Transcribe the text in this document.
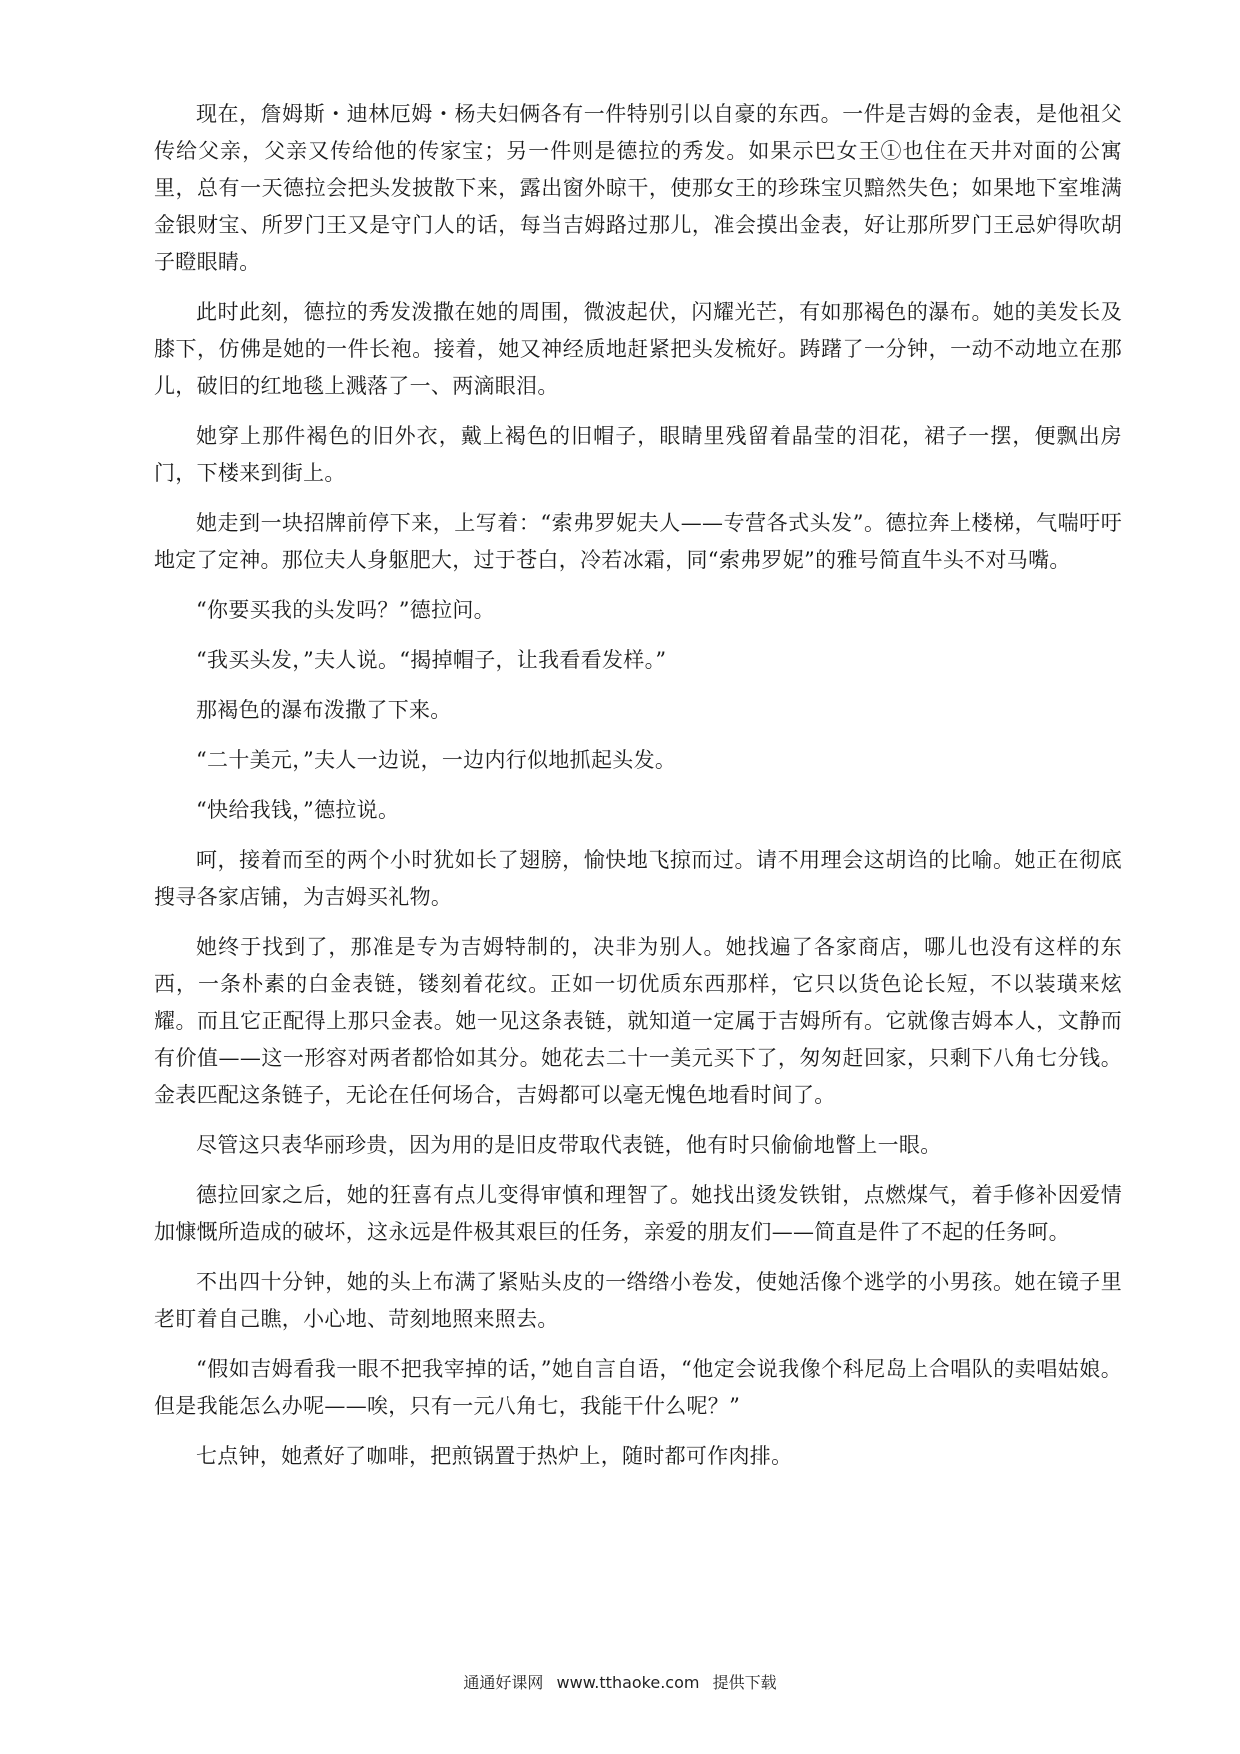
现在，詹姆斯・迪林厄姆・杨夫妇俩各有一件特别引以自豪的东西。一件是吉姆的金表，是他祖父传给父亲，父亲又传给他的传家宝；另一件则是德拉的秀发。如果示巴女王①也住在天井对面的公寓里，总有一天德拉会把头发披散下来，露出窗外晾干，使那女王的珍珠宝贝黯然失色；如果地下室堆满金银财宝、所罗门王又是守门人的话，每当吉姆路过那儿，准会摸出金表，好让那所罗门王忌妒得吹胡子瞪眼睛。

此时此刻，德拉的秀发泼撒在她的周围，微波起伏，闪耀光芒，有如那褐色的瀑布。她的美发长及膝下，仿佛是她的一件长袍。接着，她又神经质地赶紧把头发梳好。踌躇了一分钟，一动不动地立在那儿，破旧的红地毯上溅落了一、两滴眼泪。

她穿上那件褐色的旧外衣，戴上褐色的旧帽子，眼睛里残留着晶莹的泪花，裙子一摆，便飘出房门，下楼来到街上。

她走到一块招牌前停下来，上写着：“索弗罗妮夫人——专营各式头发”。德拉奔上楼梯，气喘吁吁地定了定神。那位夫人身躯肥大，过于苍白，冷若冰霜，同“索弗罗妮”的雅号简直牛头不对马嘴。

“你要买我的头发吗？”德拉问。

“我买头发，”夫人说。“揭掉帽子，让我看看发样。”

那褐色的瀑布泼撒了下来。

“二十美元，”夫人一边说，一边内行似地抓起头发。

“快给我钱，”德拉说。

呵，接着而至的两个小时犹如长了翅膀，愉快地飞掠而过。请不用理会这胡诌的比喻。她正在彻底搜寻各家店铺，为吉姆买礼物。

她终于找到了，那准是专为吉姆特制的，决非为别人。她找遍了各家商店，哪儿也没有这样的东西，一条朴素的白金表链，镂刻着花纹。正如一切优质东西那样，它只以货色论长短，不以装璜来炫耀。而且它正配得上那只金表。她一见这条表链，就知道一定属于吉姆所有。它就像吉姆本人，文静而有价值——这一形容对两者都恰如其分。她花去二十一美元买下了，匆匆赶回家，只剩下八角七分钱。金表匹配这条链子，无论在任何场合，吉姆都可以毫无愧色地看时间了。

尽管这只表华丽珍贵，因为用的是旧皮带取代表链，他有时只偷偷地瞥上一眼。

德拉回家之后，她的狂喜有点儿变得审慎和理智了。她找出烫发铁钳，点燃煤气，着手修补因爱情加慷慨所造成的破坏，这永远是件极其艰巨的任务，亲爱的朋友们——简直是件了不起的任务呵。

不出四十分钟，她的头上布满了紧贴头皮的一绺绺小卷发，使她活像个逃学的小男孩。她在镜子里老盯着自己瞧，小心地、苛刻地照来照去。

“假如吉姆看我一眼不把我宰掉的话，”她自言自语，“他定会说我像个科尼岛上合唱队的卖唱姑娘。但是我能怎么办呢——唉，只有一元八角七，我能干什么呢？”

七点钟，她煮好了咖啡，把煎锅置于热炉上，随时都可作肉排。

通通好课网 www.tthaoke.com 提供下载
